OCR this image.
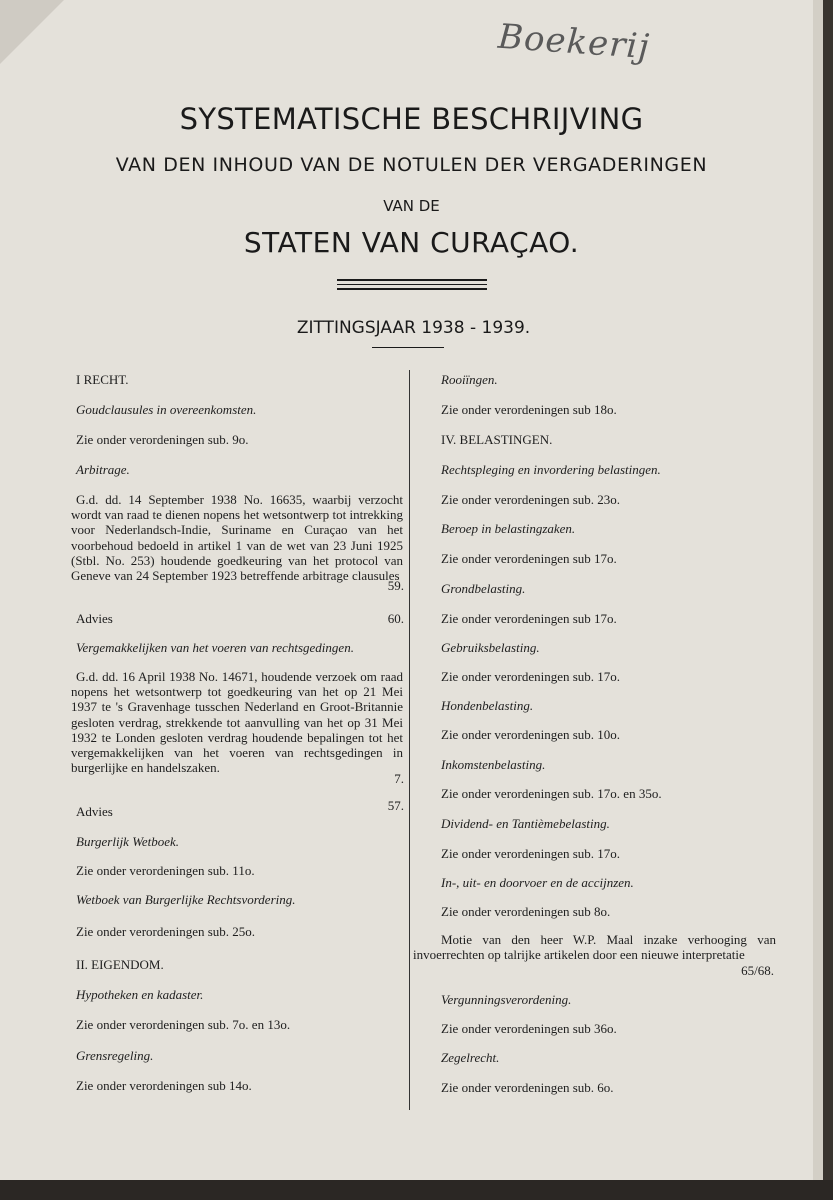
Boekerij
SYSTEMATISCHE BESCHRIJVING
VAN DEN INHOUD VAN DE NOTULEN DER VERGADERINGEN
VAN DE
STATEN VAN CURAÇAO.
ZITTINGSJAAR 1938 - 1939.
I RECHT.
Goudclausules in overeenkomsten.
Zie onder verordeningen sub. 9o.
Arbitrage.
G.d. dd. 14 September 1938 No. 16635, waarbij verzocht wordt van raad te dienen nopens het wetsontwerp tot intrekking voor Nederlandsch-Indie, Suriname en Curaçao van het voorbehoud bedoeld in artikel 1 van de wet van 23 Juni 1925 (Stbl. No. 253) houdende goedkeuring van het protocol van Geneve van 24 September 1923 betreffende arbitrage clausules
59.
Advies	60.
Vergemakkelijken van het voeren van rechtsgedingen.
G.d. dd. 16 April 1938 No. 14671, houdende verzoek om raad nopens het wetsontwerp tot goedkeuring van het op 21 Mei 1937 te 's Gravenhage tusschen Nederland en Groot-Britannie gesloten verdrag, strekkende tot aanvulling van het op 31 Mei 1932 te Londen gesloten verdrag houdende bepalingen tot het vergemakkelijken van het voeren van rechtsgedingen in burgerlijke en handelszaken.
7.
Advies	57.
Burgerlijk Wetboek.
Zie onder verordeningen sub. 11o.
Wetboek van Burgerlijke Rechtsvordering.
Zie onder verordeningen sub. 25o.
II. EIGENDOM.
Hypotheken en kadaster.
Zie onder verordeningen sub. 7o. en 13o.
Grensregeling.
Zie onder verordeningen sub 14o.
Rooiïngen.
Zie onder verordeningen sub 18o.
IV. BELASTINGEN.
Rechtspleging en invordering belastingen.
Zie onder verordeningen sub. 23o.
Beroep in belastingzaken.
Zie onder verordeningen sub 17o.
Grondbelasting.
Zie onder verordeningen sub 17o.
Gebruiksbelasting.
Zie onder verordeningen sub. 17o.
Hondenbelasting.
Zie onder verordeningen sub. 10o.
Inkomstenbelasting.
Zie onder verordeningen sub. 17o. en 35o.
Dividend- en Tantièmebelasting.
Zie onder verordeningen sub. 17o.
In-, uit- en doorvoer en de accijnzen.
Zie onder verordeningen sub 8o.
Motie van den heer W.P. Maal inzake verhooging van invoerrechten op talrijke artikelen door een nieuwe interpretatie
65/68.
Vergunningsverordening.
Zie onder verordeningen sub 36o.
Zegelrecht.
Zie onder verordeningen sub. 6o.
